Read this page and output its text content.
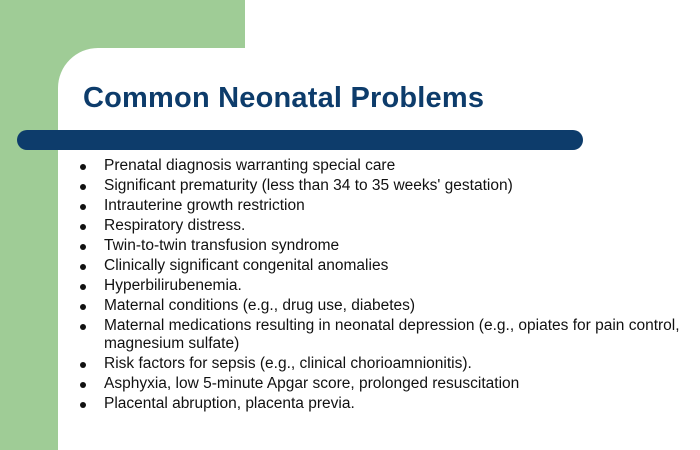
Common Neonatal Problems
Prenatal diagnosis warranting special care
Significant prematurity (less than 34 to 35 weeks' gestation)
Intrauterine growth restriction
Respiratory distress.
Twin-to-twin transfusion syndrome
Clinically significant congenital anomalies
Hyperbilirubenemia.
Maternal conditions (e.g., drug use, diabetes)
Maternal medications resulting in neonatal depression (e.g., opiates for pain control, magnesium sulfate)
Risk factors for sepsis (e.g., clinical chorioamnionitis).
Asphyxia, low 5-minute Apgar score, prolonged resuscitation
Placental abruption, placenta previa.
